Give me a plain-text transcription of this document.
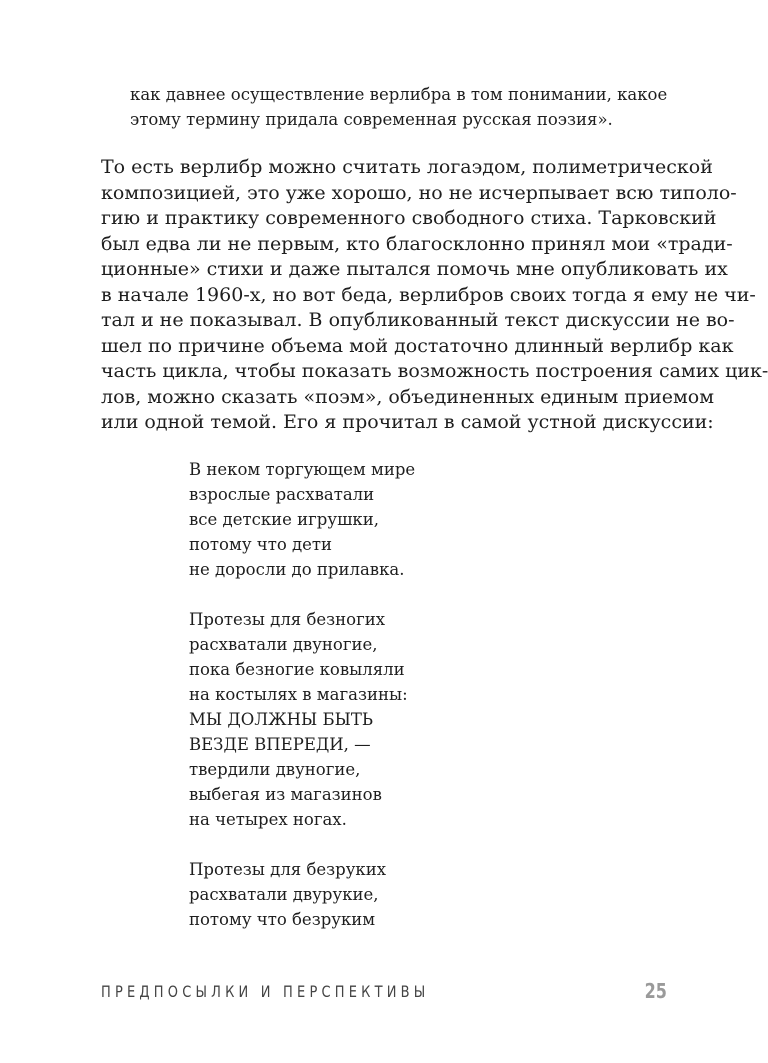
как давнее осуществление верлибра в том понимании, какое
этому термину придала современная русская поэзия».
То есть верлибр можно считать логаэдом, полиметрической
композицией, это уже хорошо, но не исчерпывает всю типоло-
гию и практику современного свободного стиха. Тарковский
был едва ли не первым, кто благосклонно принял мои «тради-
ционные» стихи и даже пытался помочь мне опубликовать их
в начале 1960-х, но вот беда, верлибров своих тогда я ему не чи-
тал и не показывал. В опубликованный текст дискуссии не во-
шел по причине объема мой достаточно длинный верлибр как
часть цикла, чтобы показать возможность построения самих цик-
лов, можно сказать «поэм», объединенных единым приемом
или одной темой. Его я прочитал в самой устной дискуссии:
В неком торгующем мире
взрослые расхватали
все детские игрушки,
потому что дети
не доросли до прилавка.
Протезы для безногих
расхватали двуногие,
пока безногие ковыляли
на костылях в магазины:
МЫ ДОЛЖНЫ БЫТЬ
ВЕЗДЕ ВПЕРЕДИ, —
твердили двуногие,
выбегая из магазинов
на четырех ногах.
Протезы для безруких
расхватали двурукие,
потому что безруким
ПРЕДПОСЫЛКИ И ПЕРСПЕКТИВЫ	25
